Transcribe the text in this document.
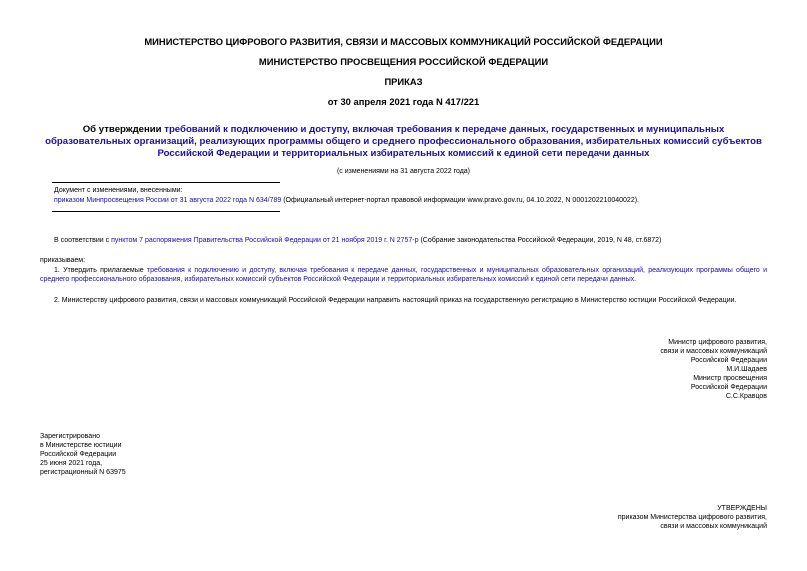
МИНИСТЕРСТВО ЦИФРОВОГО РАЗВИТИЯ, СВЯЗИ И МАССОВЫХ КОММУНИКАЦИЙ РОССИЙСКОЙ ФЕДЕРАЦИИ
МИНИСТЕРСТВО ПРОСВЕЩЕНИЯ РОССИЙСКОЙ ФЕДЕРАЦИИ
ПРИКАЗ
от 30 апреля 2021 года N 417/221
Об утверждении требований к подключению и доступу, включая требования к передаче данных, государственных и муниципальных образовательных организаций, реализующих программы общего и среднего профессионального образования, избирательных комиссий субъектов Российской Федерации и территориальных избирательных комиссий к единой сети передачи данных
(с изменениями на 31 августа 2022 года)
Документ с изменениями, внесенными:
приказом Минпросвещения России от 31 августа 2022 года N 634/789 (Официальный интернет-портал правовой информации www.pravo.gov.ru, 04.10.2022, N 0001202210040022).
В соответствии с пунктом 7 распоряжения Правительства Российской Федерации от 21 ноября 2019 г. N 2757-р (Собрание законодательства Российской Федерации, 2019, N 48, ст.6872)
приказываем:
1. Утвердить прилагаемые требования к подключению и доступу, включая требования к передаче данных, государственных и муниципальных образовательных организаций, реализующих программы общего и среднего профессионального образования, избирательных комиссий субъектов Российской Федерации и территориальных избирательных комиссий к единой сети передачи данных.
2. Министерству цифрового развития, связи и массовых коммуникаций Российской Федерации направить настоящий приказ на государственную регистрацию в Министерство юстиции Российской Федерации.
Министр цифрового развития,
связи и массовых коммуникаций
Российской Федерации
М.И.Шадаев
Министр просвещения
Российской Федерации
С.С.Кравцов
Зарегистрировано
в Министерстве юстиции
Российской Федерации
25 июня 2021 года,
регистрационный N 63975
УТВЕРЖДЕНЫ
приказом Министерства цифрового развития,
связи и массовых коммуникаций
